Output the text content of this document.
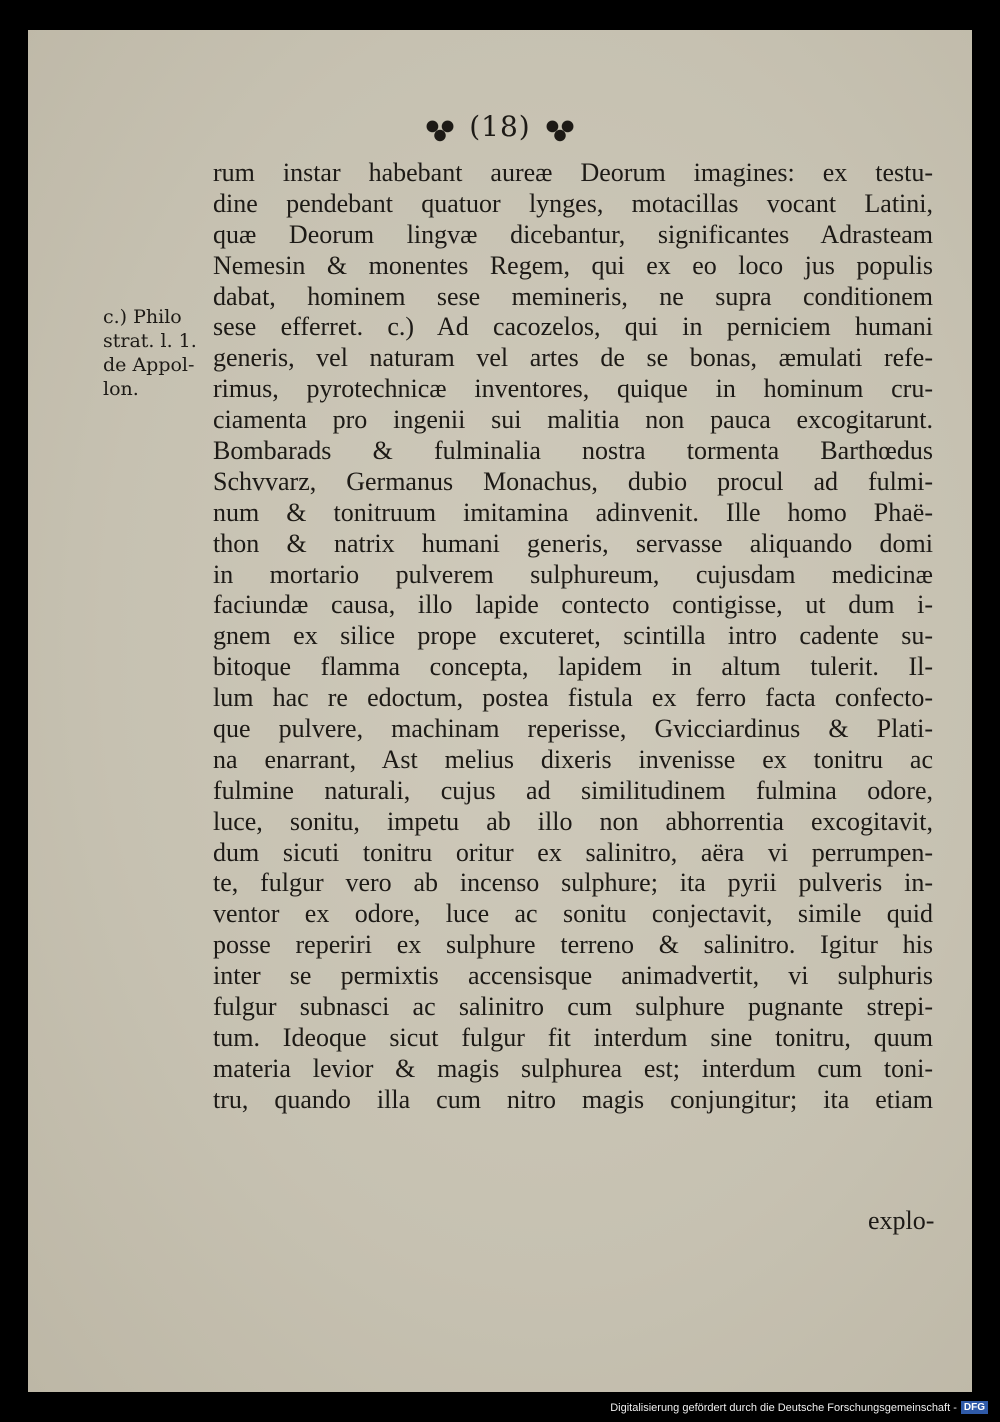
(18)
c.) Philo
strat. l. 1.
de Appol-
lon.
rum instar habebant aureæ Deorum imagines: ex testu-
dine pendebant quatuor lynges, motacillas vocant Latini,
quæ Deorum lingvæ dicebantur, significantes Adrasteam
Nemesin & monentes Regem, qui ex eo loco jus populis
dabat, hominem sese memineris, ne supra conditionem
sese efferret. c.) Ad cacozelos, qui in perniciem humani
generis, vel naturam vel artes de se bonas, æmulati refe-
rimus, pyrotechnicæ inventores, quique in hominum cru-
ciamenta pro ingenii sui malitia non pauca excogitarunt.
Bombarads & fulminalia nostra tormenta Barthœdus
Schvvarz, Germanus Monachus, dubio procul ad fulmi-
num & tonitruum imitamina adinvenit. Ille homo Phaë-
thon & natrix humani generis, servasse aliquando domi
in mortario pulverem sulphureum, cujusdam medicinæ
faciundæ causa, illo lapide contecto contigisse, ut dum i-
gnem ex silice prope excuteret, scintilla intro cadente su-
bitoque flamma concepta, lapidem in altum tulerit. Il-
lum hac re edoctum, postea fistula ex ferro facta confecto-
que pulvere, machinam reperisse, Gvicciardinus & Plati-
na enarrant, Ast melius dixeris invenisse ex tonitru ac
fulmine naturali, cujus ad similitudinem fulmina odore,
luce, sonitu, impetu ab illo non abhorrentia excogitavit,
dum sicuti tonitru oritur ex salinitro, aëra vi perrumpen-
te, fulgur vero ab incenso sulphure; ita pyrii pulveris in-
ventor ex odore, luce ac sonitu conjectavit, simile quid
posse reperiri ex sulphure terreno & salinitro. Igitur his
inter se permixtis accensisque animadvertit, vi sulphuris
fulgur subnasci ac salinitro cum sulphure pugnante strepi-
tum. Ideoque sicut fulgur fit interdum sine tonitru, quum
materia levior & magis sulphurea est; interdum cum toni-
tru, quando illa cum nitro magis conjungitur; ita etiam
explo-
Digitalisierung gefördert durch die Deutsche Forschungsgemeinschaft - DFG
